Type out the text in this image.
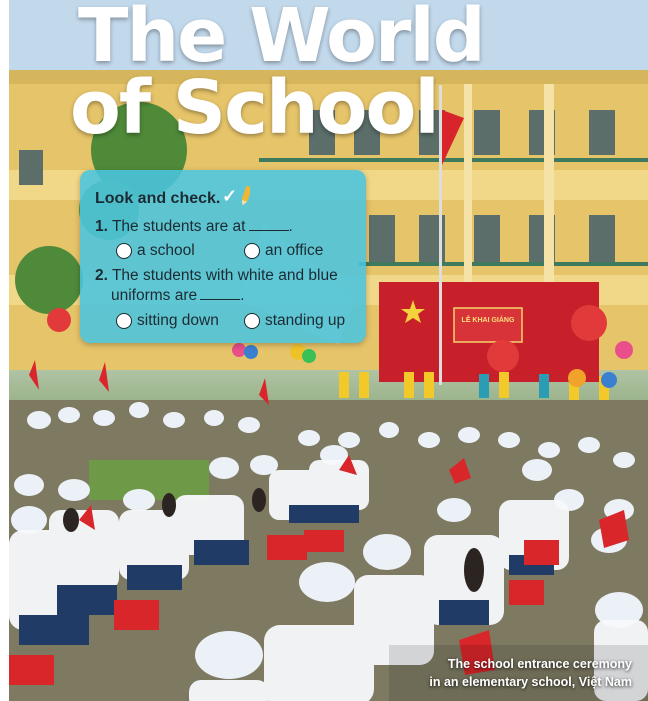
LỄ KHAI GIẢNG
The World
of School
Look and check. ✓
1. The students are at	.
a school	an office
2. The students with white and blue
uniforms are	.
sitting down	standing up
The school entrance ceremony
in an elementary school, Việt Nam
